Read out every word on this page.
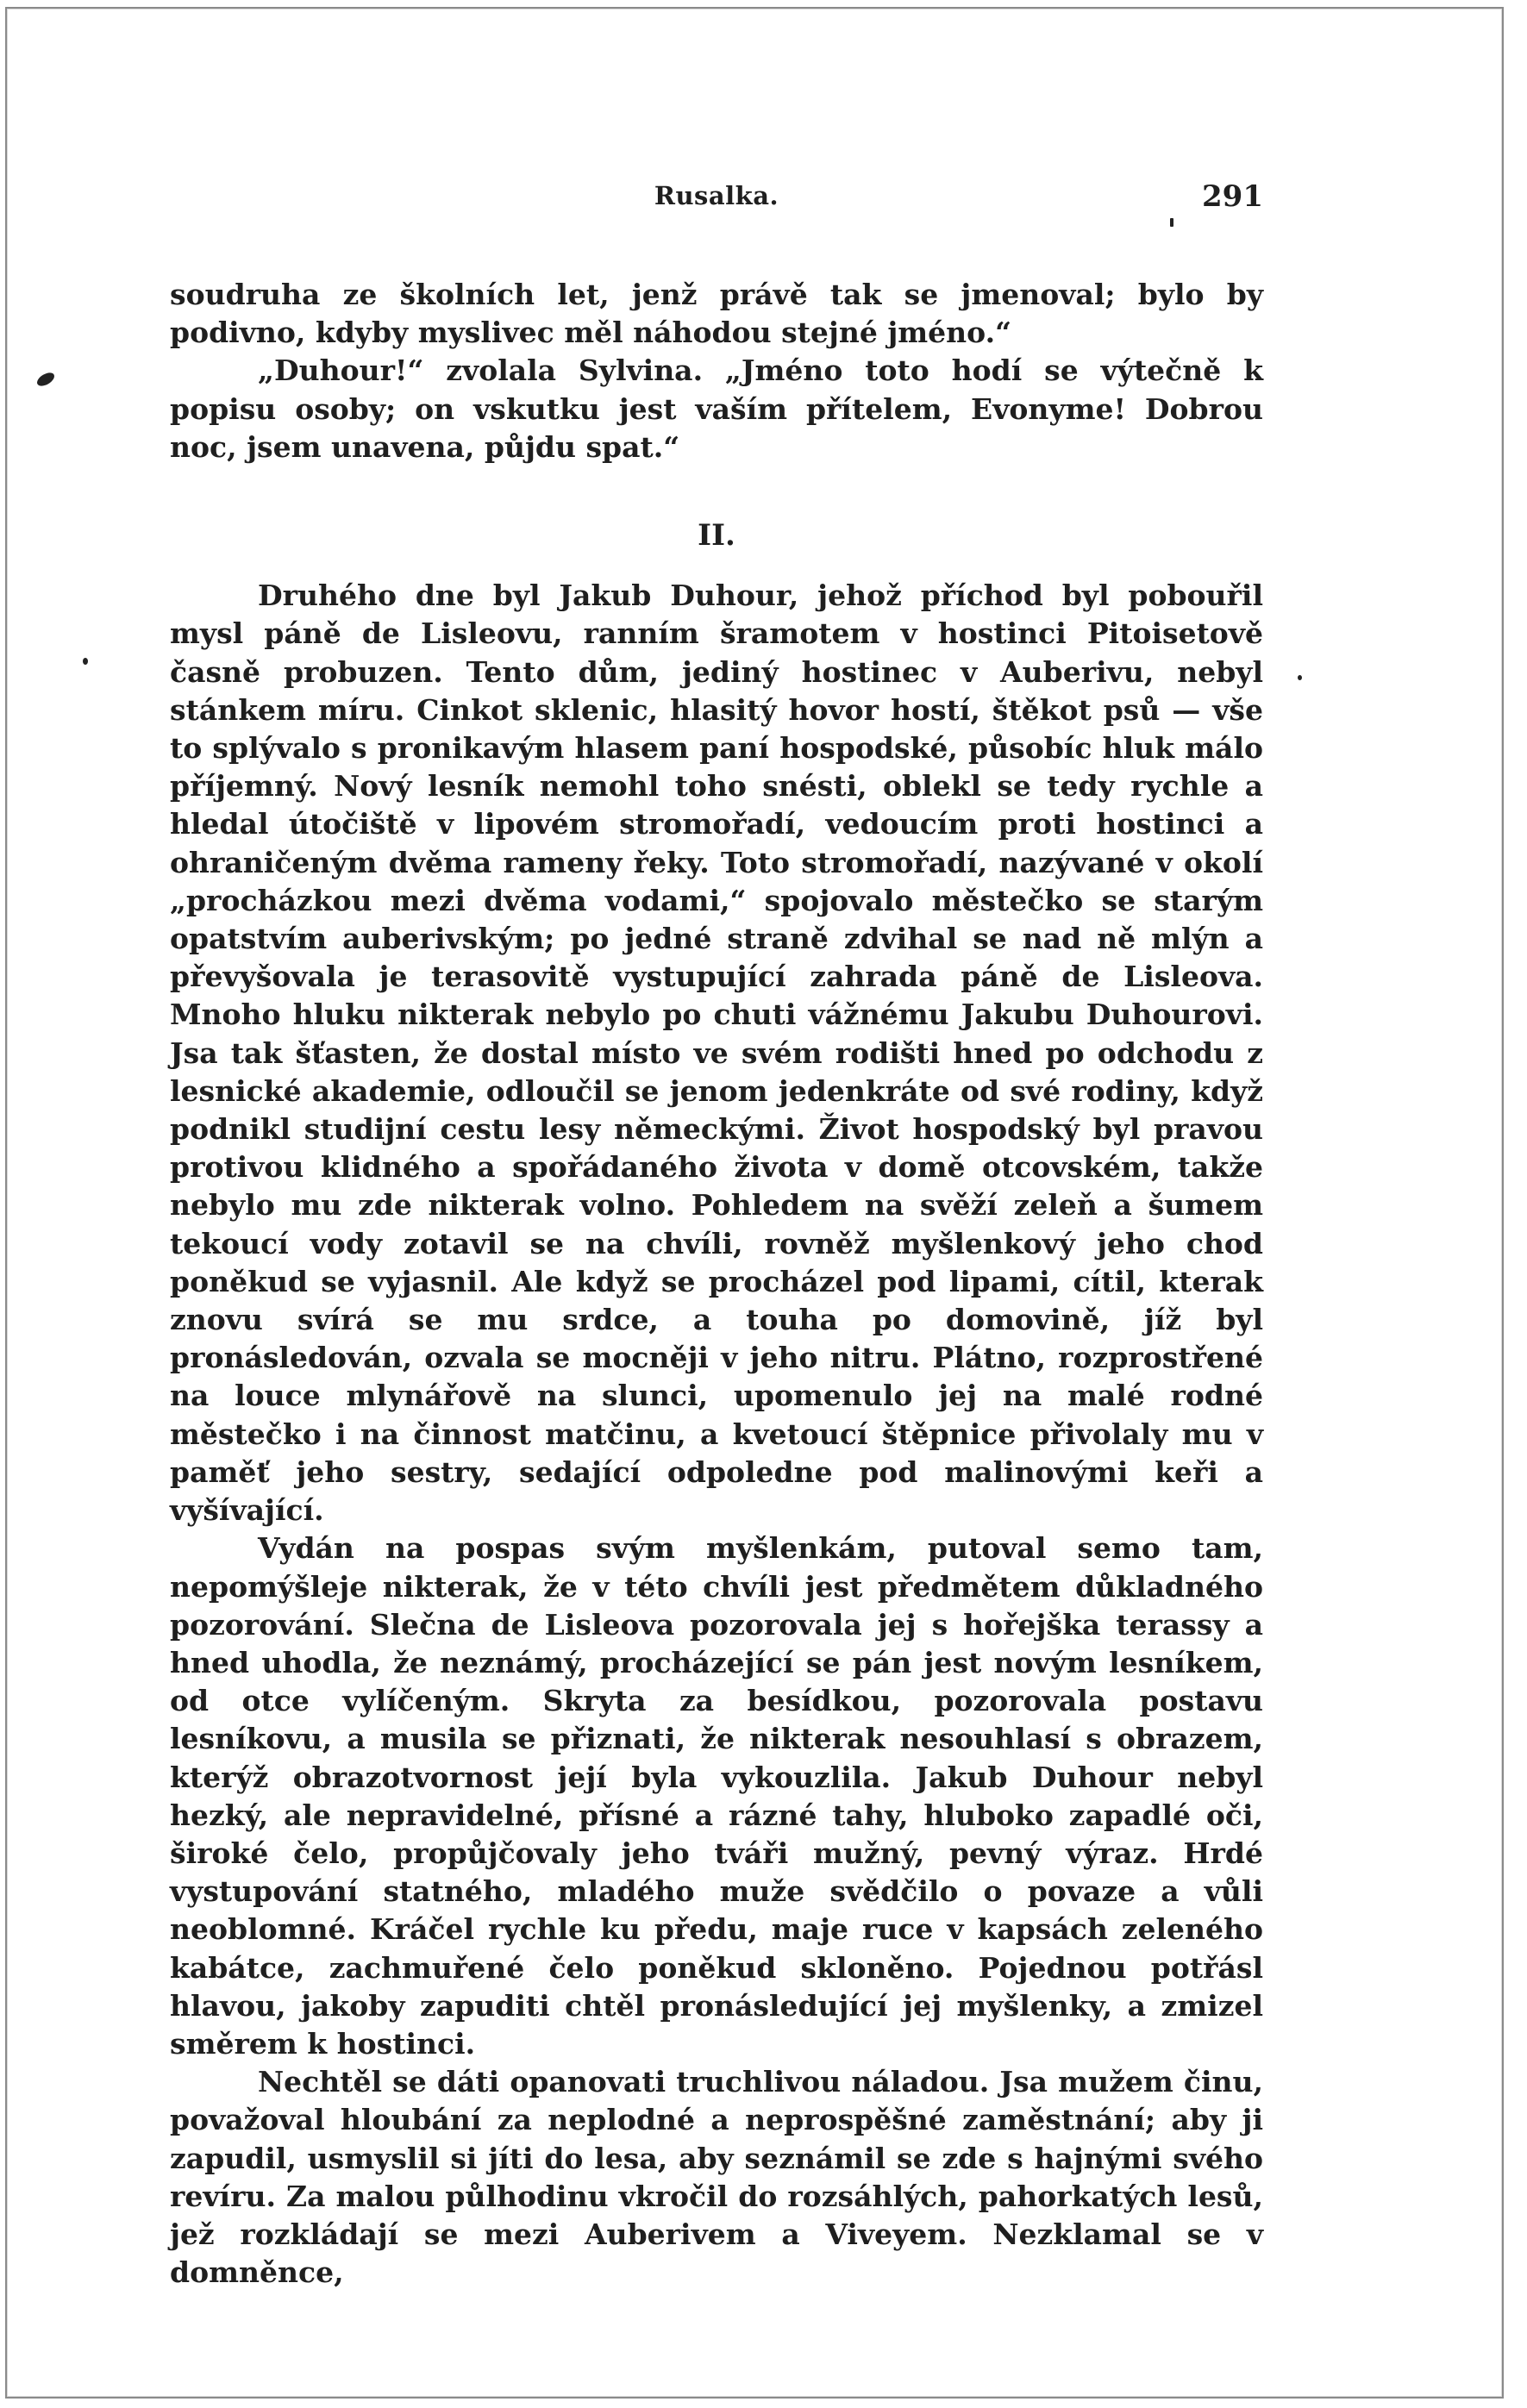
Rusalka.	291

soudruha ze školních let, jenž právě tak se jmenoval; bylo by podivno, kdyby myslivec měl náhodou stejné jméno.“

„Duhour!“ zvolala Sylvina. „Jméno toto hodí se výtečně k popisu osoby; on vskutku jest vaším přítelem, Evonyme! Dobrou noc, jsem unavena, půjdu spat.“

II.

Druhého dne byl Jakub Duhour, jehož příchod byl pobouřil mysl páně de Lisleovu, ranním šramotem v hostinci Pitoisetově časně probuzen. Tento dům, jediný hostinec v Auberivu, nebyl stánkem míru. Cinkot sklenic, hlasitý hovor hostí, štěkot psů — vše to splývalo s pronikavým hlasem paní hospodské, působíc hluk málo příjemný. Nový lesník nemohl toho snésti, oblekl se tedy rychle a hledal útočiště v lipovém stromořadí, vedoucím proti hostinci a ohraničeným dvěma rameny řeky. Toto stromořadí, nazývané v okolí „procházkou mezi dvěma vodami,“ spojovalo městečko se starým opatstvím auberivským; po jedné straně zdvihal se nad ně mlýn a převyšovala je terasovitě vystupující zahrada páně de Lisleova. Mnoho hluku nikterak nebylo po chuti vážnému Jakubu Duhourovi. Jsa tak šťasten, že dostal místo ve svém rodišti hned po odchodu z lesnické akademie, odloučil se jenom jedenkráte od své rodiny, když podnikl studijní cestu lesy německými. Život hospodský byl pravou protivou klidného a spořádaného života v domě otcovském, takže nebylo mu zde nikterak volno. Pohledem na svěží zeleň a šumem tekoucí vody zotavil se na chvíli, rovněž myšlenkový jeho chod poněkud se vyjasnil. Ale když se procházel pod lipami, cítil, kterak znovu svírá se mu srdce, a touha po domovině, jíž byl pronásledován, ozvala se mocněji v jeho nitru. Plátno, rozprostřené na louce mlynářově na slunci, upomenulo jej na malé rodné městečko i na činnost matčinu, a kvetoucí štěpnice přivolaly mu v paměť jeho sestry, sedající odpoledne pod malinovými keři a vyšívající.

Vydán na pospas svým myšlenkám, putoval semo tam, nepomýšleje nikterak, že v této chvíli jest předmětem důkladného pozorování. Slečna de Lisleova pozorovala jej s hořejška terassy a hned uhodla, že neznámý, procházející se pán jest novým lesníkem, od otce vylíčeným. Skryta za besídkou, pozorovala postavu lesníkovu, a musila se přiznati, že nikterak nesouhlasí s obrazem, kterýž obrazotvornost její byla vykouzlila. Jakub Duhour nebyl hezký, ale nepravidelné, přísné a rázné tahy, hluboko zapadlé oči, široké čelo, propůjčovaly jeho tváři mužný, pevný výraz. Hrdé vystupování statného, mladého muže svědčilo o povaze a vůli neoblomné. Kráčel rychle ku předu, maje ruce v kapsách zeleného kabátce, zachmuřené čelo poněkud skloněno. Pojednou potřásl hlavou, jakoby zapuditi chtěl pronásledující jej myšlenky, a zmizel směrem k hostinci.

Nechtěl se dáti opanovati truchlivou náladou. Jsa mužem činu, považoval hloubání za neplodné a neprospěšné zaměstnání; aby ji zapudil, usmyslil si jíti do lesa, aby seznámil se zde s hajnými svého revíru. Za malou půlhodinu vkročil do rozsáhlých, pahorkatých lesů, jež rozkládají se mezi Auberivem a Viveyem. Nezklamal se v domněnce,
